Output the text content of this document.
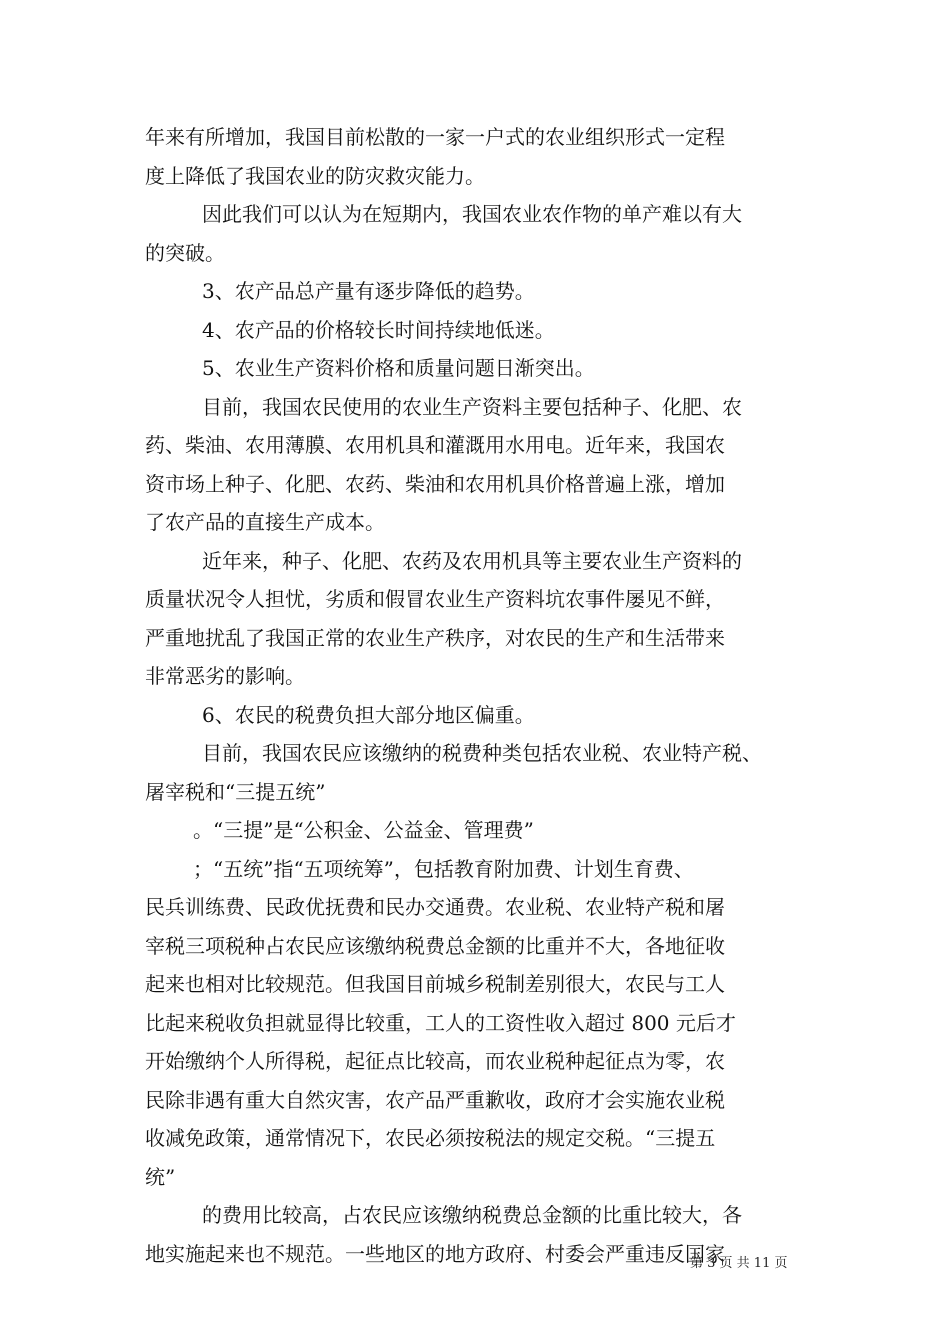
年来有所增加，我国目前松散的一家一户式的农业组织形式一定程
度上降低了我国农业的防灾救灾能力。
因此我们可以认为在短期内，我国农业农作物的单产难以有大
的突破。
3、农产品总产量有逐步降低的趋势。
4、农产品的价格较长时间持续地低迷。
5、农业生产资料价格和质量问题日渐突出。
目前，我国农民使用的农业生产资料主要包括种子、化肥、农
药、柴油、农用薄膜、农用机具和灌溉用水用电。近年来，我国农
资市场上种子、化肥、农药、柴油和农用机具价格普遍上涨，增加
了农产品的直接生产成本。
近年来，种子、化肥、农药及农用机具等主要农业生产资料的
质量状况令人担忧，劣质和假冒农业生产资料坑农事件屡见不鲜，
严重地扰乱了我国正常的农业生产秩序，对农民的生产和生活带来
非常恶劣的影响。
6、农民的税费负担大部分地区偏重。
目前，我国农民应该缴纳的税费种类包括农业税、农业特产税、
屠宰税和“三提五统”
。“三提”是“公积金、公益金、管理费”
；“五统”指“五项统筹”，包括教育附加费、计划生育费、
民兵训练费、民政优抚费和民办交通费。农业税、农业特产税和屠
宰税三项税种占农民应该缴纳税费总金额的比重并不大，各地征收
起来也相对比较规范。但我国目前城乡税制差别很大，农民与工人
比起来税收负担就显得比较重，工人的工资性收入超过 800 元后才
开始缴纳个人所得税，起征点比较高，而农业税种起征点为零，农
民除非遇有重大自然灾害，农产品严重歉收，政府才会实施农业税
收减免政策，通常情况下，农民必须按税法的规定交税。“三提五
统”
的费用比较高，占农民应该缴纳税费总金额的比重比较大，各
地实施起来也不规范。一些地区的地方政府、村委会严重违反国家
第 3 页 共 11 页
